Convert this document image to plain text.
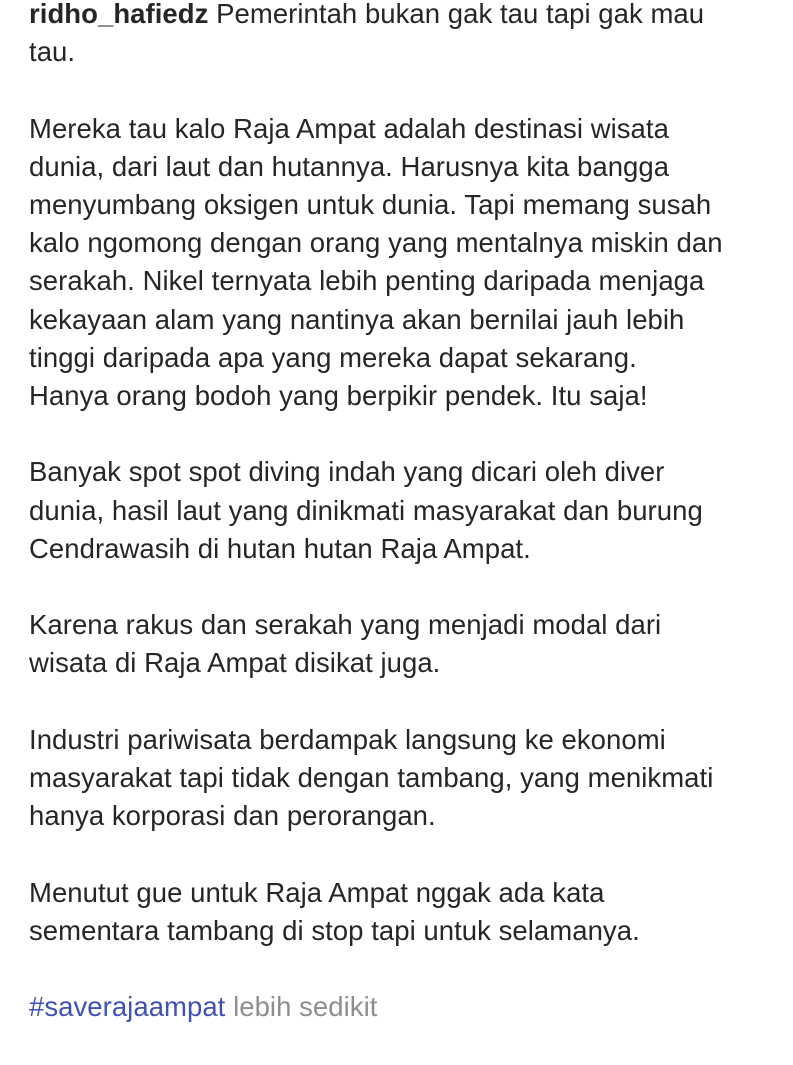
ridho_hafiedz Pemerintah bukan gak tau tapi gak mau
tau.

Mereka tau kalo Raja Ampat adalah destinasi wisata
dunia, dari laut dan hutannya. Harusnya kita bangga
menyumbang oksigen untuk dunia. Tapi memang susah
kalo ngomong dengan orang yang mentalnya miskin dan
serakah. Nikel ternyata lebih penting daripada menjaga
kekayaan alam yang nantinya akan bernilai jauh lebih
tinggi daripada apa yang mereka dapat sekarang.
Hanya orang bodoh yang berpikir pendek. Itu saja!

Banyak spot spot diving indah yang dicari oleh diver
dunia, hasil laut yang dinikmati masyarakat dan burung
Cendrawasih di hutan hutan Raja Ampat.

Karena rakus dan serakah yang menjadi modal dari
wisata di Raja Ampat disikat juga.

Industri pariwisata berdampak langsung ke ekonomi
masyarakat tapi tidak dengan tambang, yang menikmati
hanya korporasi dan perorangan.

Menutut gue untuk Raja Ampat nggak ada kata
sementara tambang di stop tapi untuk selamanya.

#saverajaampat lebih sedikit
